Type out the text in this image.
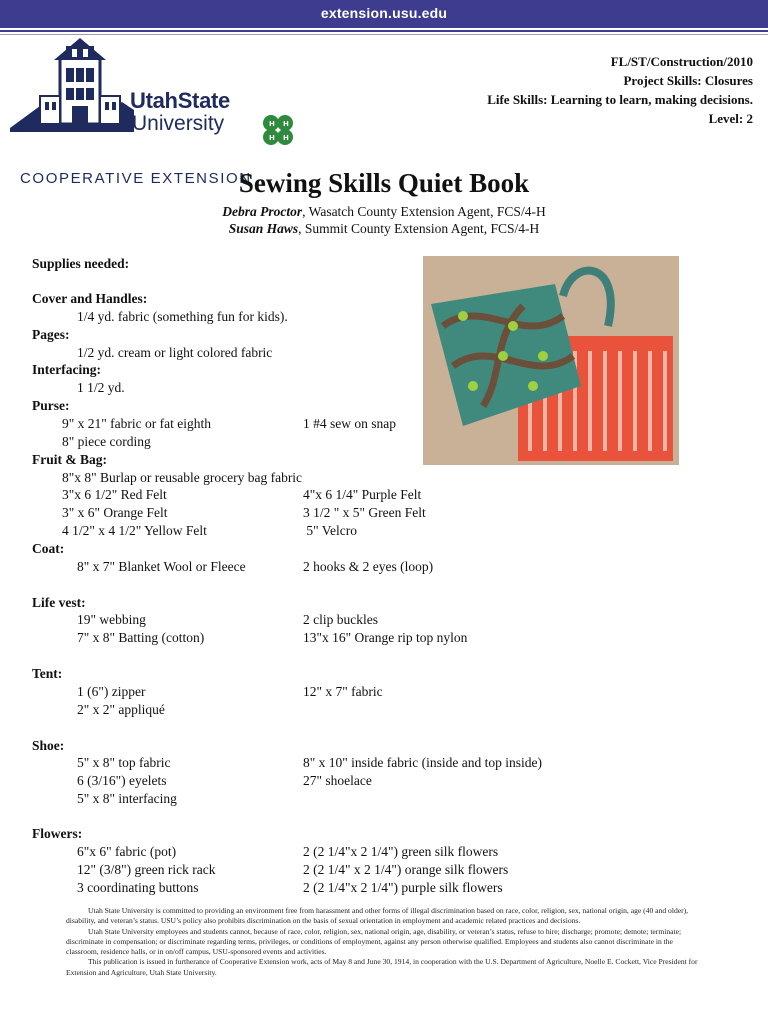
extension.usu.edu
UtahState
University
COOPERATIVE EXTENSION
H H
H H
FL/ST/Construction/2010
Project Skills: Closures
Life Skills: Learning to learn, making decisions.
Level: 2
Sewing Skills Quiet Book
Debra Proctor, Wasatch County Extension Agent, FCS/4-H
Susan Haws, Summit County Extension Agent, FCS/4-H
Supplies needed:
Cover and Handles:
1/4 yd. fabric (something fun for kids).
Pages:
1/2 yd. cream or light colored fabric
Interfacing:
1 1/2 yd.
Purse:
9" x 21" fabric or fat eighth	1 #4 sew on snap
8" piece cording
Fruit & Bag:
8"x 8" Burlap or reusable grocery bag fabric
3"x 6 1/2" Red Felt	4"x 6 1/4" Purple Felt
3" x 6" Orange Felt	3 1/2 " x 5" Green Felt
4 1/2" x 4 1/2" Yellow Felt	5" Velcro
Coat:
8" x 7" Blanket Wool or Fleece	2 hooks & 2 eyes (loop)
Life vest:
19" webbing	2 clip buckles
7" x 8" Batting (cotton)	13"x 16" Orange rip top nylon
Tent:
1 (6") zipper	12" x 7" fabric
2" x 2" appliqué
Shoe:
5" x 8" top fabric	8" x 10" inside fabric (inside and top inside)
6 (3/16") eyelets	27" shoelace
5" x 8" interfacing
Flowers:
6"x 6" fabric (pot)	2 (2 1/4"x 2 1/4") green silk flowers
12" (3/8") green rick rack	2 (2 1/4" x 2 1/4") orange silk flowers
3 coordinating buttons	2 (2 1/4"x 2 1/4") purple silk flowers

Utah State University is committed to providing an environment free from harassment and other forms of illegal discrimination based on race, color, religion, sex, national origin, age (40 and older), disability, and veteran’s status. USU’s policy also prohibits discrimination on the basis of sexual orientation in employment and academic related practices and decisions.

Utah State University employees and students cannot, because of race, color, religion, sex, national origin, age, disability, or veteran’s status, refuse to hire; discharge; promote; demote; terminate; discriminate in compensation; or discriminate regarding terms, privileges, or conditions of employment, against any person otherwise qualified. Employees and students also cannot discriminate in the classroom, residence halls, or in on/off campus, USU-sponsored events and activities.

This publication is issued in furtherance of Cooperative Extension work, acts of May 8 and June 30, 1914, in cooperation with the U.S. Department of Agriculture, Noelle E. Cockett, Vice President for Extension and Agriculture, Utah State University.
